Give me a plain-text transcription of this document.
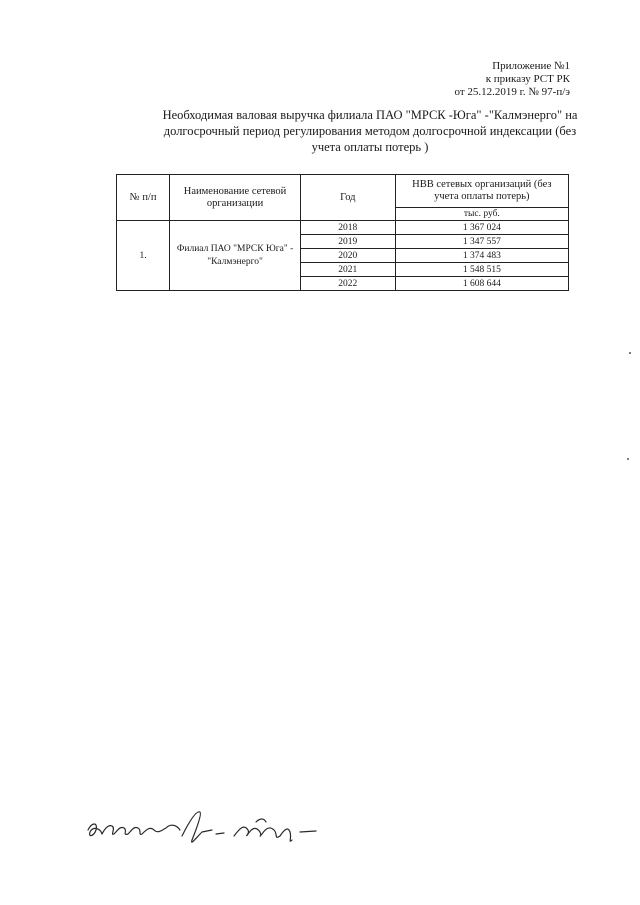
Приложение №1
к приказу РСТ РК
от 25.12.2019 г. № 97-п/э
Необходимая валовая выручка филиала ПАО "МРСК -Юга" -"Калмэнерго" на
долгосрочный период регулирования методом долгосрочной индексации (без
учета оплаты потерь )
№ п/п	Наименование сетевой организации	Год	НВВ сетевых организаций (без учета оплаты потерь)
			тыс. руб.
1.	Филиал ПАО "МРСК Юга" - "Калмэнерго"	2018	1 367 024
		2019	1 347 557
		2020	1 374 483
		2021	1 548 515
		2022	1 608 644
